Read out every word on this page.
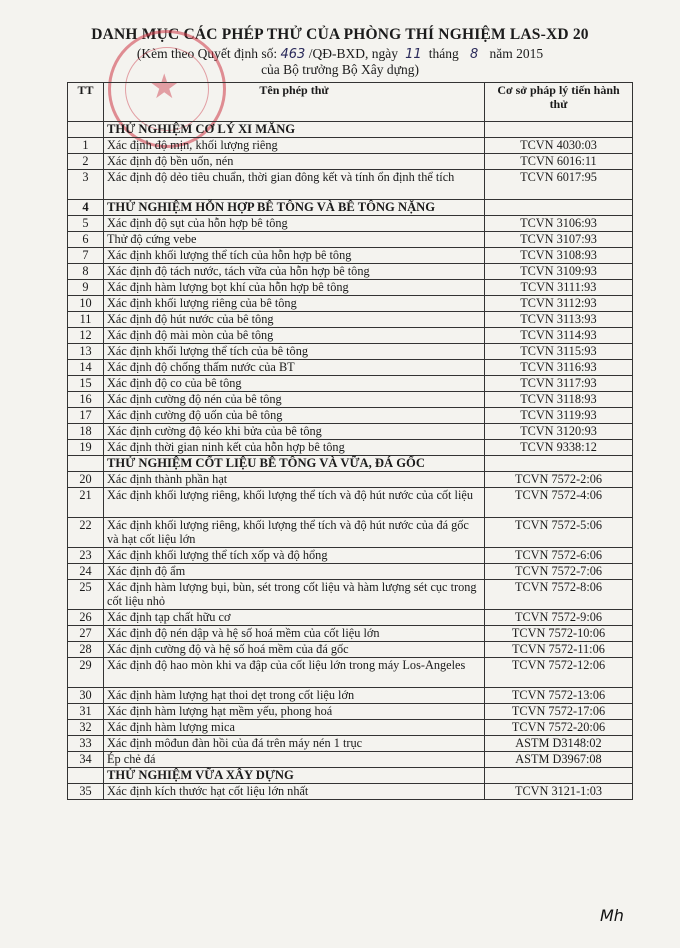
DANH MỤC CÁC PHÉP THỬ CỦA PHÒNG THÍ NGHIỆM LAS-XD 20
(Kèm theo Quyết định số: 463 /QĐ-BXD, ngày 11 tháng 8 năm 2015
của Bộ trưởng Bộ Xây dựng)
★
TT	Tên phép thử	Cơ sở pháp lý tiến hành thử
	THỬ NGHIỆM CƠ LÝ XI MĂNG	
1	Xác định độ mịn, khối lượng riêng	TCVN 4030:03
2	Xác định độ bền uốn, nén	TCVN 6016:11
3	Xác định độ dẻo tiêu chuẩn, thời gian đông kết và tính ổn định thể tích	TCVN 6017:95
4	THỬ NGHIỆM HỖN HỢP BÊ TÔNG VÀ BÊ TÔNG NẶNG	
5	Xác định độ sụt của hỗn hợp bê tông	TCVN 3106:93
6	Thử độ cứng vebe	TCVN 3107:93
7	Xác định khối lượng thể tích của hỗn hợp bê tông	TCVN 3108:93
8	Xác định độ tách nước, tách vữa của hỗn hợp bê tông	TCVN 3109:93
9	Xác định hàm lượng bọt khí của hỗn hợp bê tông	TCVN 3111:93
10	Xác định khối lượng riêng của bê tông	TCVN 3112:93
11	Xác định độ hút nước của bê tông	TCVN 3113:93
12	Xác định độ mài mòn của bê tông	TCVN 3114:93
13	Xác định khối lượng thể tích của bê tông	TCVN 3115:93
14	Xác định độ chống thấm nước của BT	TCVN 3116:93
15	Xác định độ co của bê tông	TCVN 3117:93
16	Xác định cường độ nén của bê tông	TCVN 3118:93
17	Xác định cường độ uốn của bê tông	TCVN 3119:93
18	Xác định cường độ kéo khi bửa của bê tông	TCVN 3120:93
19	Xác định thời gian ninh kết của hỗn hợp bê tông	TCVN 9338:12
	THỬ NGHIỆM CỐT LIỆU BÊ TÔNG VÀ VỮA, ĐÁ GỐC	
20	Xác định thành phần hạt	TCVN 7572-2:06
21	Xác định khối lượng riêng, khối lượng thể tích và độ hút nước của cốt liệu	TCVN 7572-4:06
22	Xác định khối lượng riêng, khối lượng thể tích và độ hút nước của đá gốc và hạt cốt liệu lớn	TCVN 7572-5:06
23	Xác định khối lượng thể tích xốp và độ hổng	TCVN 7572-6:06
24	Xác định độ ẩm	TCVN 7572-7:06
25	Xác định hàm lượng bụi, bùn, sét trong cốt liệu và hàm lượng sét cục trong cốt liệu nhỏ	TCVN 7572-8:06
26	Xác định tạp chất hữu cơ	TCVN 7572-9:06
27	Xác định độ nén dập và hệ số hoá mềm của cốt liệu lớn	TCVN 7572-10:06
28	Xác định cường độ và hệ số hoá mềm của đá gốc	TCVN 7572-11:06
29	Xác định độ hao mòn khi va đập của cốt liệu lớn trong máy Los-Angeles	TCVN 7572-12:06
30	Xác định hàm lượng hạt thoi dẹt trong cốt liệu lớn	TCVN 7572-13:06
31	Xác định hàm lượng hạt mềm yếu, phong hoá	TCVN 7572-17:06
32	Xác định hàm lượng mica	TCVN 7572-20:06
33	Xác định môđun đàn hồi của đá trên máy nén 1 trục	ASTM D3148:02
34	Ép chẻ đá	ASTM D3967:08
	THỬ NGHIỆM VỮA XÂY DỰNG	
35	Xác định kích thước hạt cốt liệu lớn nhất	TCVN 3121-1:03
Mh
